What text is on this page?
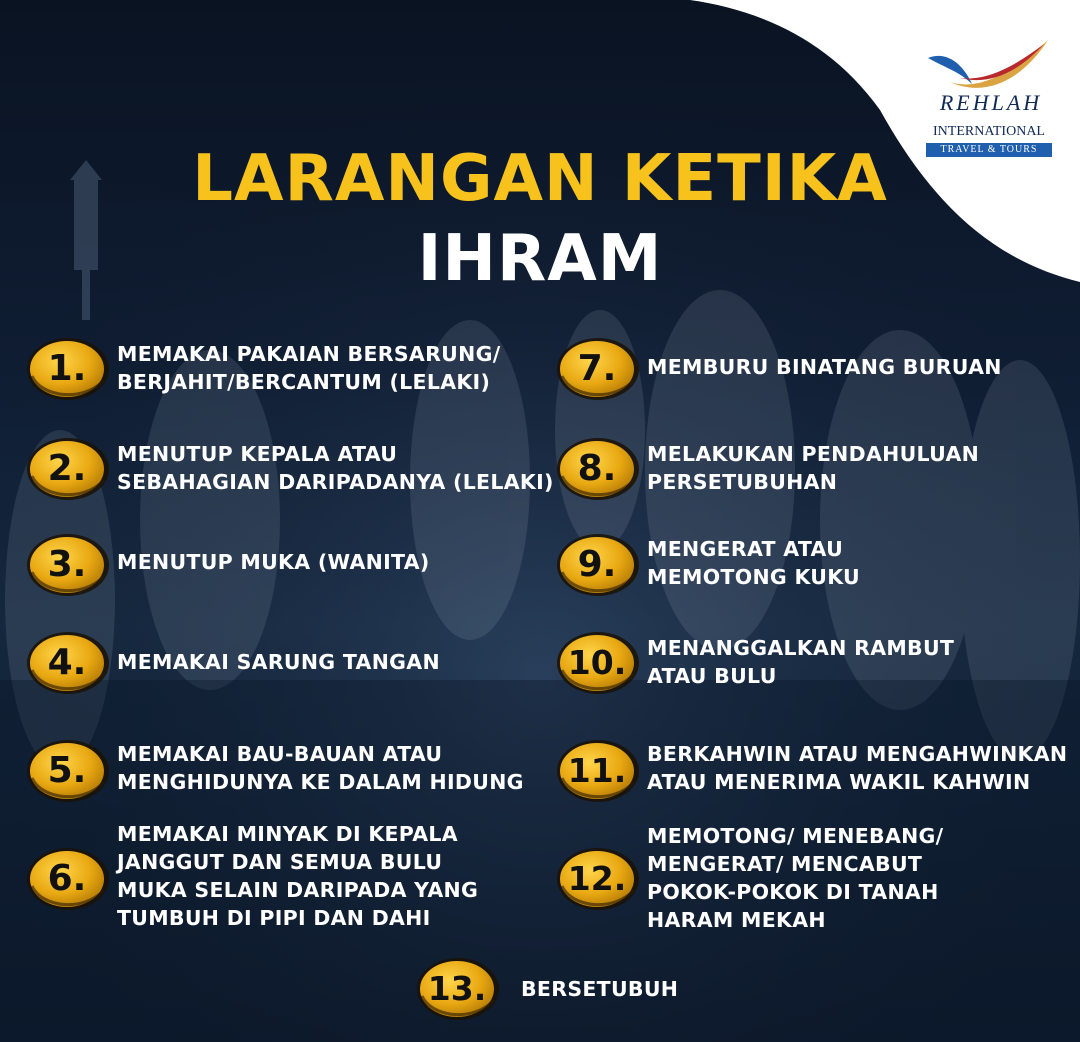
REHLAH
INTERNATIONAL
TRAVEL & TOURS
LARANGAN KETIKA
IHRAM
1.	MEMAKAI PAKAIAN BERSARUNG/
BERJAHIT/BERCANTUM (LELAKI)
2.	MENUTUP KEPALA ATAU
SEBAHAGIAN DARIPADANYA (LELAKI)
3.	MENUTUP MUKA (WANITA)
4.	MEMAKAI SARUNG TANGAN
5.	MEMAKAI BAU-BAUAN ATAU
MENGHIDUNYA KE DALAM HIDUNG
6.
MEMAKAI MINYAK DI KEPALA
JANGGUT DAN SEMUA BULU
MUKA SELAIN DARIPADA YANG
TUMBUH DI PIPI DAN DAHI
7.	MEMBURU BINATANG BURUAN
8.	MELAKUKAN PENDAHULUAN
PERSETUBUHAN
9.	MENGERAT ATAU
MEMOTONG KUKU
10.	MENANGGALKAN RAMBUT
ATAU BULU
11.	BERKAHWIN ATAU MENGAHWINKAN
ATAU MENERIMA WAKIL KAHWIN
12.
MEMOTONG/ MENEBANG/
MENGERAT/ MENCABUT
POKOK-POKOK DI TANAH
HARAM MEKAH
13.	BERSETUBUH
